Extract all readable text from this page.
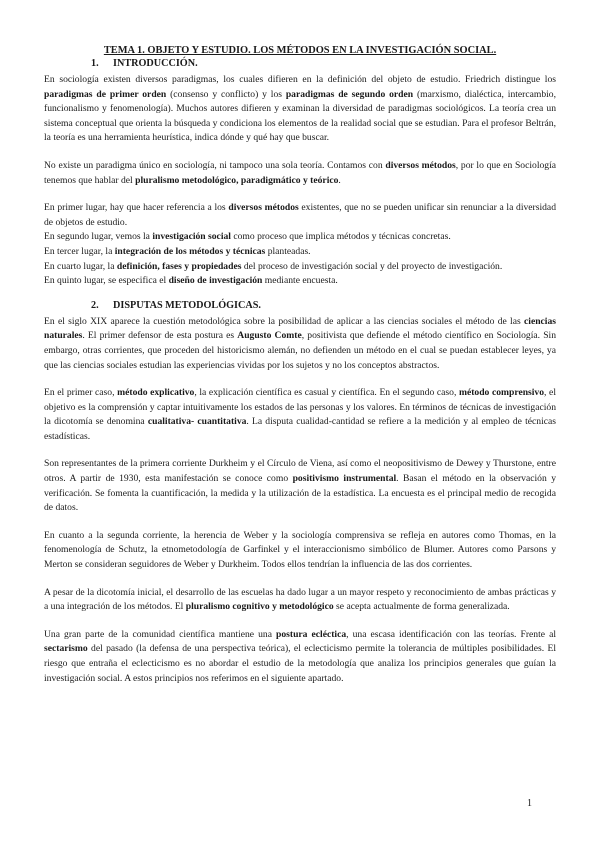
TEMA 1. OBJETO Y ESTUDIO. LOS MÉTODOS EN LA INVESTIGACIÓN SOCIAL.
1. INTRODUCCIÓN.

En sociología existen diversos paradigmas, los cuales difieren en la definición del objeto de estudio. Friedrich distingue los paradigmas de primer orden (consenso y conflicto) y los paradigmas de segundo orden (marxismo, dialéctica, intercambio, funcionalismo y fenomenología). Muchos autores difieren y examinan la diversidad de paradigmas sociológicos. La teoría crea un sistema conceptual que orienta la búsqueda y condiciona los elementos de la realidad social que se estudian. Para el profesor Beltrán, la teoría es una herramienta heurística, indica dónde y qué hay que buscar.

No existe un paradigma único en sociología, ni tampoco una sola teoría. Contamos con diversos métodos, por lo que en Sociología tenemos que hablar del pluralismo metodológico, paradigmático y teórico.

En primer lugar, hay que hacer referencia a los diversos métodos existentes, que no se pueden unificar sin renunciar a la diversidad de objetos de estudio.

En segundo lugar, vemos la investigación social como proceso que implica métodos y técnicas concretas.

En tercer lugar, la integración de los métodos y técnicas planteadas.

En cuarto lugar, la definición, fases y propiedades del proceso de investigación social y del proyecto de investigación.

En quinto lugar, se especifica el diseño de investigación mediante encuesta.

2. DISPUTAS METODOLÓGICAS.

En el siglo XIX aparece la cuestión metodológica sobre la posibilidad de aplicar a las ciencias sociales el método de las ciencias naturales. El primer defensor de esta postura es Augusto Comte, positivista que defiende el método científico en Sociología. Sin embargo, otras corrientes, que proceden del historicismo alemán, no defienden un método en el cual se puedan establecer leyes, ya que las ciencias sociales estudian las experiencias vividas por los sujetos y no los conceptos abstractos.

En el primer caso, método explicativo, la explicación científica es casual y científica. En el segundo caso, método comprensivo, el objetivo es la comprensión y captar intuitivamente los estados de las personas y los valores. En términos de técnicas de investigación la dicotomía se denomina cualitativa- cuantitativa. La disputa cualidad-cantidad se refiere a la medición y al empleo de técnicas estadísticas.

Son representantes de la primera corriente Durkheim y el Círculo de Viena, así como el neopositivismo de Dewey y Thurstone, entre otros. A partir de 1930, esta manifestación se conoce como positivismo instrumental. Basan el método en la observación y verificación. Se fomenta la cuantificación, la medida y la utilización de la estadística. La encuesta es el principal medio de recogida de datos.

En cuanto a la segunda corriente, la herencia de Weber y la sociología comprensiva se refleja en autores como Thomas, en la fenomenología de Schutz, la etnometodología de Garfinkel y el interaccionismo simbólico de Blumer. Autores como Parsons y Merton se consideran seguidores de Weber y Durkheim. Todos ellos tendrían la influencia de las dos corrientes.

A pesar de la dicotomía inicial, el desarrollo de las escuelas ha dado lugar a un mayor respeto y reconocimiento de ambas prácticas y a una integración de los métodos. El pluralismo cognitivo y metodológico se acepta actualmente de forma generalizada.

Una gran parte de la comunidad científica mantiene una postura ecléctica, una escasa identificación con las teorías. Frente al sectarismo del pasado (la defensa de una perspectiva teórica), el eclecticismo permite la tolerancia de múltiples posibilidades. El riesgo que entraña el eclecticismo es no abordar el estudio de la metodología que analiza los principios generales que guían la investigación social. A estos principios nos referimos en el siguiente apartado.

1
